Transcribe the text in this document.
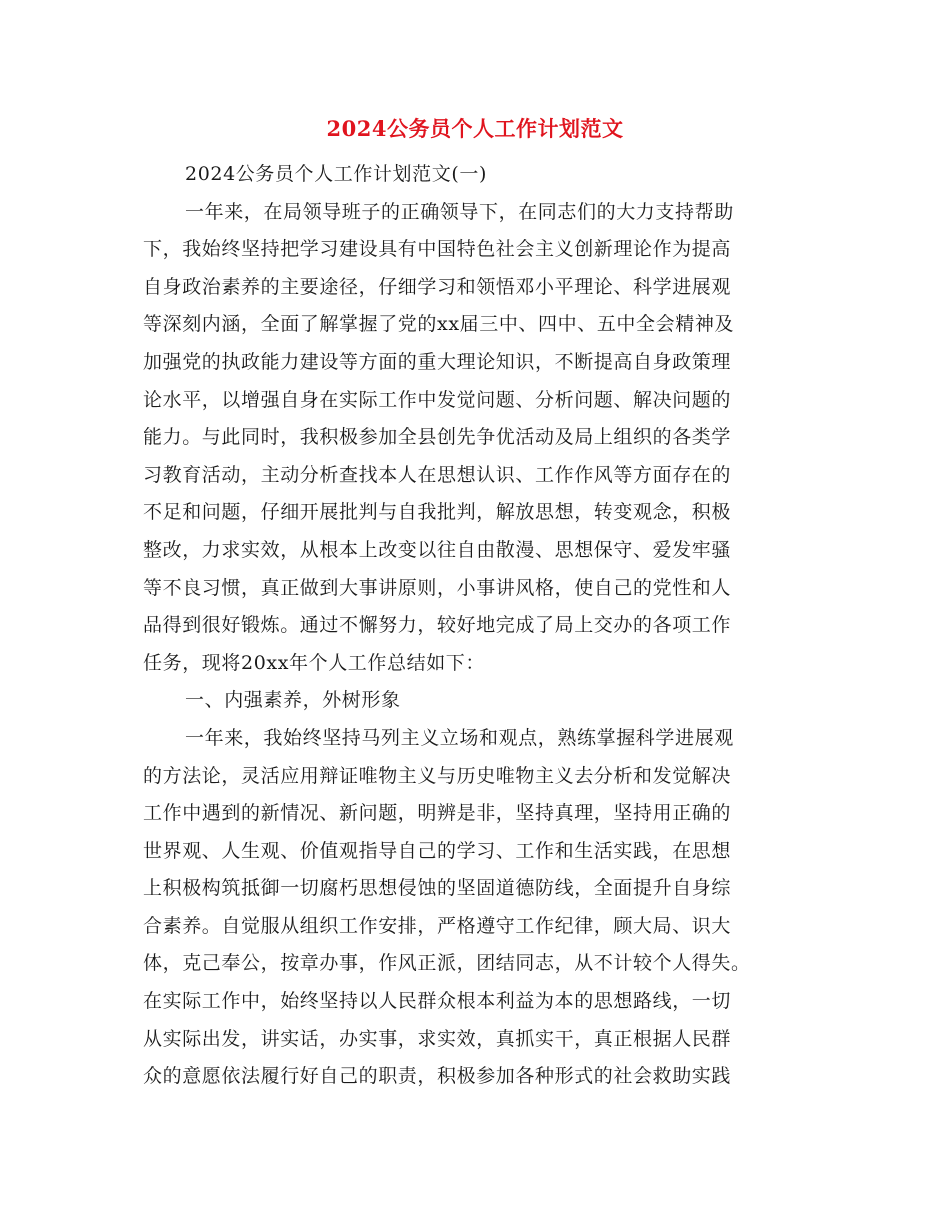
2024公务员个人工作计划范文
2024公务员个人工作计划范文(一)
一年来，在局领导班子的正确领导下，在同志们的大力支持帮助
下，我始终坚持把学习建设具有中国特色社会主义创新理论作为提高
自身政治素养的主要途径，仔细学习和领悟邓小平理论、科学进展观
等深刻内涵，全面了解掌握了党的xx届三中、四中、五中全会精神及
加强党的执政能力建设等方面的重大理论知识，不断提高自身政策理
论水平，以增强自身在实际工作中发觉问题、分析问题、解决问题的
能力。与此同时，我积极参加全县创先争优活动及局上组织的各类学
习教育活动，主动分析查找本人在思想认识、工作作风等方面存在的
不足和问题，仔细开展批判与自我批判，解放思想，转变观念，积极
整改，力求实效，从根本上改变以往自由散漫、思想保守、爱发牢骚
等不良习惯，真正做到大事讲原则，小事讲风格，使自己的党性和人
品得到很好锻炼。通过不懈努力，较好地完成了局上交办的各项工作
任务，现将20xx年个人工作总结如下：
一、内强素养，外树形象
一年来，我始终坚持马列主义立场和观点，熟练掌握科学进展观
的方法论，灵活应用辩证唯物主义与历史唯物主义去分析和发觉解决
工作中遇到的新情况、新问题，明辨是非，坚持真理，坚持用正确的
世界观、人生观、价值观指导自己的学习、工作和生活实践，在思想
上积极构筑抵御一切腐朽思想侵蚀的坚固道德防线，全面提升自身综
合素养。自觉服从组织工作安排，严格遵守工作纪律，顾大局、识大
体，克己奉公，按章办事，作风正派，团结同志，从不计较个人得失。
在实际工作中，始终坚持以人民群众根本利益为本的思想路线，一切
从实际出发，讲实话，办实事，求实效，真抓实干，真正根据人民群
众的意愿依法履行好自己的职责，积极参加各种形式的社会救助实践
